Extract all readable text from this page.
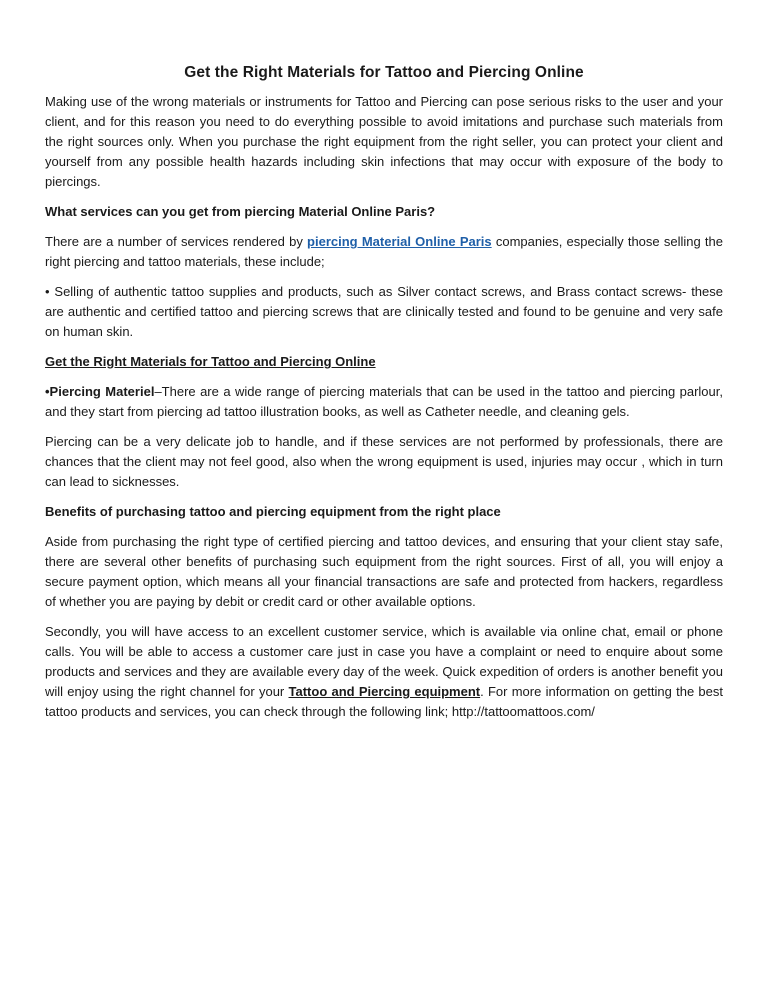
Get the Right Materials for Tattoo and Piercing Online

Making use of the wrong materials or instruments for Tattoo and Piercing can pose serious risks to the user and your client, and for this reason you need to do everything possible to avoid imitations and purchase such materials from the right sources only. When you purchase the right equipment from the right seller, you can protect your client and yourself from any possible health hazards including skin infections that may occur with exposure of the body to piercings.

What services can you get from piercing Material Online Paris?

There are a number of services rendered by piercing Material Online Paris companies, especially those selling the right piercing and tattoo materials, these include;

• Selling of authentic tattoo supplies and products, such as Silver contact screws, and Brass contact screws- these are authentic and certified tattoo and piercing screws that are clinically tested and found to be genuine and very safe on human skin.

Get the Right Materials for Tattoo and Piercing Online

•Piercing Materiel–There are a wide range of piercing materials that can be used in the tattoo and piercing parlour, and they start from piercing ad tattoo illustration books, as well as Catheter needle, and cleaning gels.

Piercing can be a very delicate job to handle, and if these services are not performed by professionals, there are chances that the client may not feel good, also when the wrong equipment is used, injuries may occur , which in turn can lead to sicknesses.

Benefits of purchasing tattoo and piercing equipment from the right place

Aside from purchasing the right type of certified piercing and tattoo devices, and ensuring that your client stay safe, there are several other benefits of purchasing such equipment from the right sources. First of all, you will enjoy a secure payment option, which means all your financial transactions are safe and protected from hackers, regardless of whether you are paying by debit or credit card or other available options.

Secondly, you will have access to an excellent customer service, which is available via online chat, email or phone calls. You will be able to access a customer care just in case you have a complaint or need to enquire about some products and services and they are available every day of the week. Quick expedition of orders is another benefit you will enjoy using the right channel for your Tattoo and Piercing equipment. For more information on getting the best tattoo products and services, you can check through the following link; http://tattoomattoos.com/
